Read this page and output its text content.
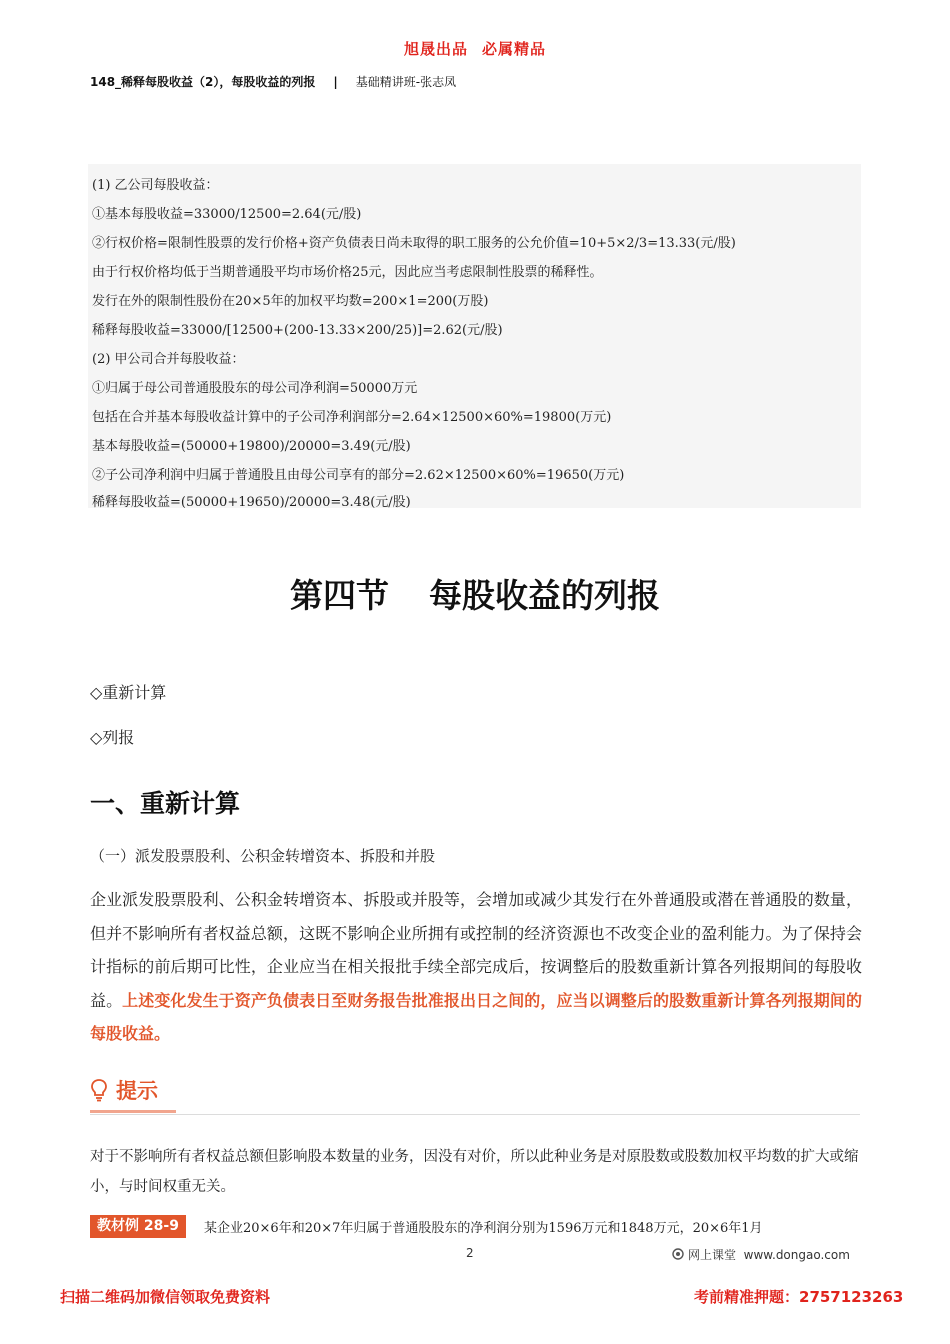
旭晟出品 必属精品
148_稀释每股收益（2），每股收益的列报 | 基础精讲班-张志凤
(1) 乙公司每股收益：
①基本每股收益=33000/12500=2.64(元/股)
②行权价格=限制性股票的发行价格+资产负债表日尚未取得的职工服务的公允价值=10+5×2/3=13.33(元/股)
由于行权价格均低于当期普通股平均市场价格25元，因此应当考虑限制性股票的稀释性。
发行在外的限制性股份在20×5年的加权平均数=200×1=200(万股)
稀释每股收益=33000/[12500+(200-13.33×200/25)]=2.62(元/股)
(2) 甲公司合并每股收益：
①归属于母公司普通股股东的母公司净利润=50000万元
包括在合并基本每股收益计算中的子公司净利润部分=2.64×12500×60%=19800(万元)
基本每股收益=(50000+19800)/20000=3.49(元/股)
②子公司净利润中归属于普通股且由母公司享有的部分=2.62×12500×60%=19650(万元)
稀释每股收益=(50000+19650)/20000=3.48(元/股)
第四节 每股收益的列报
◇重新计算
◇列报
一、重新计算
（一）派发股票股利、公积金转增资本、拆股和并股
企业派发股票股利、公积金转增资本、拆股或并股等，会增加或减少其发行在外普通股或潜在普通股的数量，但并不影响所有者权益总额，这既不影响企业所拥有或控制的经济资源也不改变企业的盈利能力。为了保持会计指标的前后期可比性，企业应当在相关报批手续全部完成后，按调整后的股数重新计算各列报期间的每股收益。上述变化发生于资产负债表日至财务报告批准报出日之间的，应当以调整后的股数重新计算各列报期间的每股收益。
提示
对于不影响所有者权益总额但影响股本数量的业务，因没有对价，所以此种业务是对原股数或股数加权平均数的扩大或缩小，与时间权重无关。
教材例 28-9	某企业20×6年和20×7年归属于普通股股东的净利润分别为1596万元和1848万元，20×6年1月
2	网上课堂 www.dongao.com
扫描二维码加微信领取免费资料	考前精准押题：2757123263
